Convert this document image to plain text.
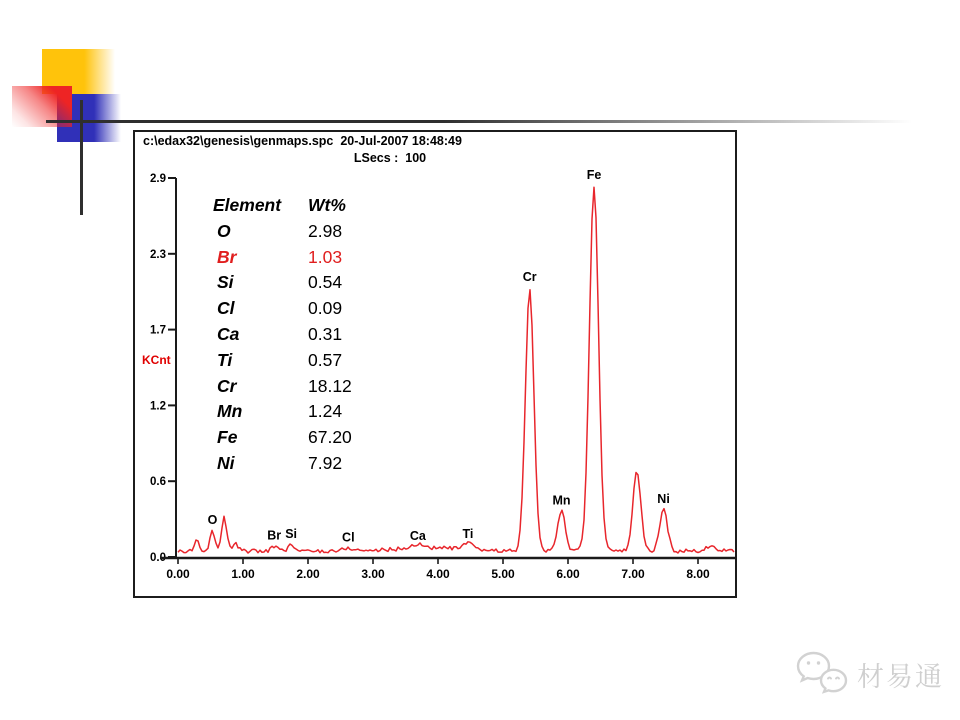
c:\edax32\genesis\genmaps.spc  20-Jul-2007 18:48:49
LSecs :  100
2.9
2.3
1.7
1.2
0.6
0.0
KCnt
0.00	1.00	2.00	3.00	4.00	5.00	6.00	7.00	8.00
O
Br Si	Cl	Ca	Ti
Cr
Mn
Fe
Ni
Element	Wt%
O	2.98
Br	1.03
Si	0.54
Cl	0.09
Ca	0.31
Ti	0.57
Cr	18.12
Mn	1.24
Fe	67.20
Ni	7.92
材易通
